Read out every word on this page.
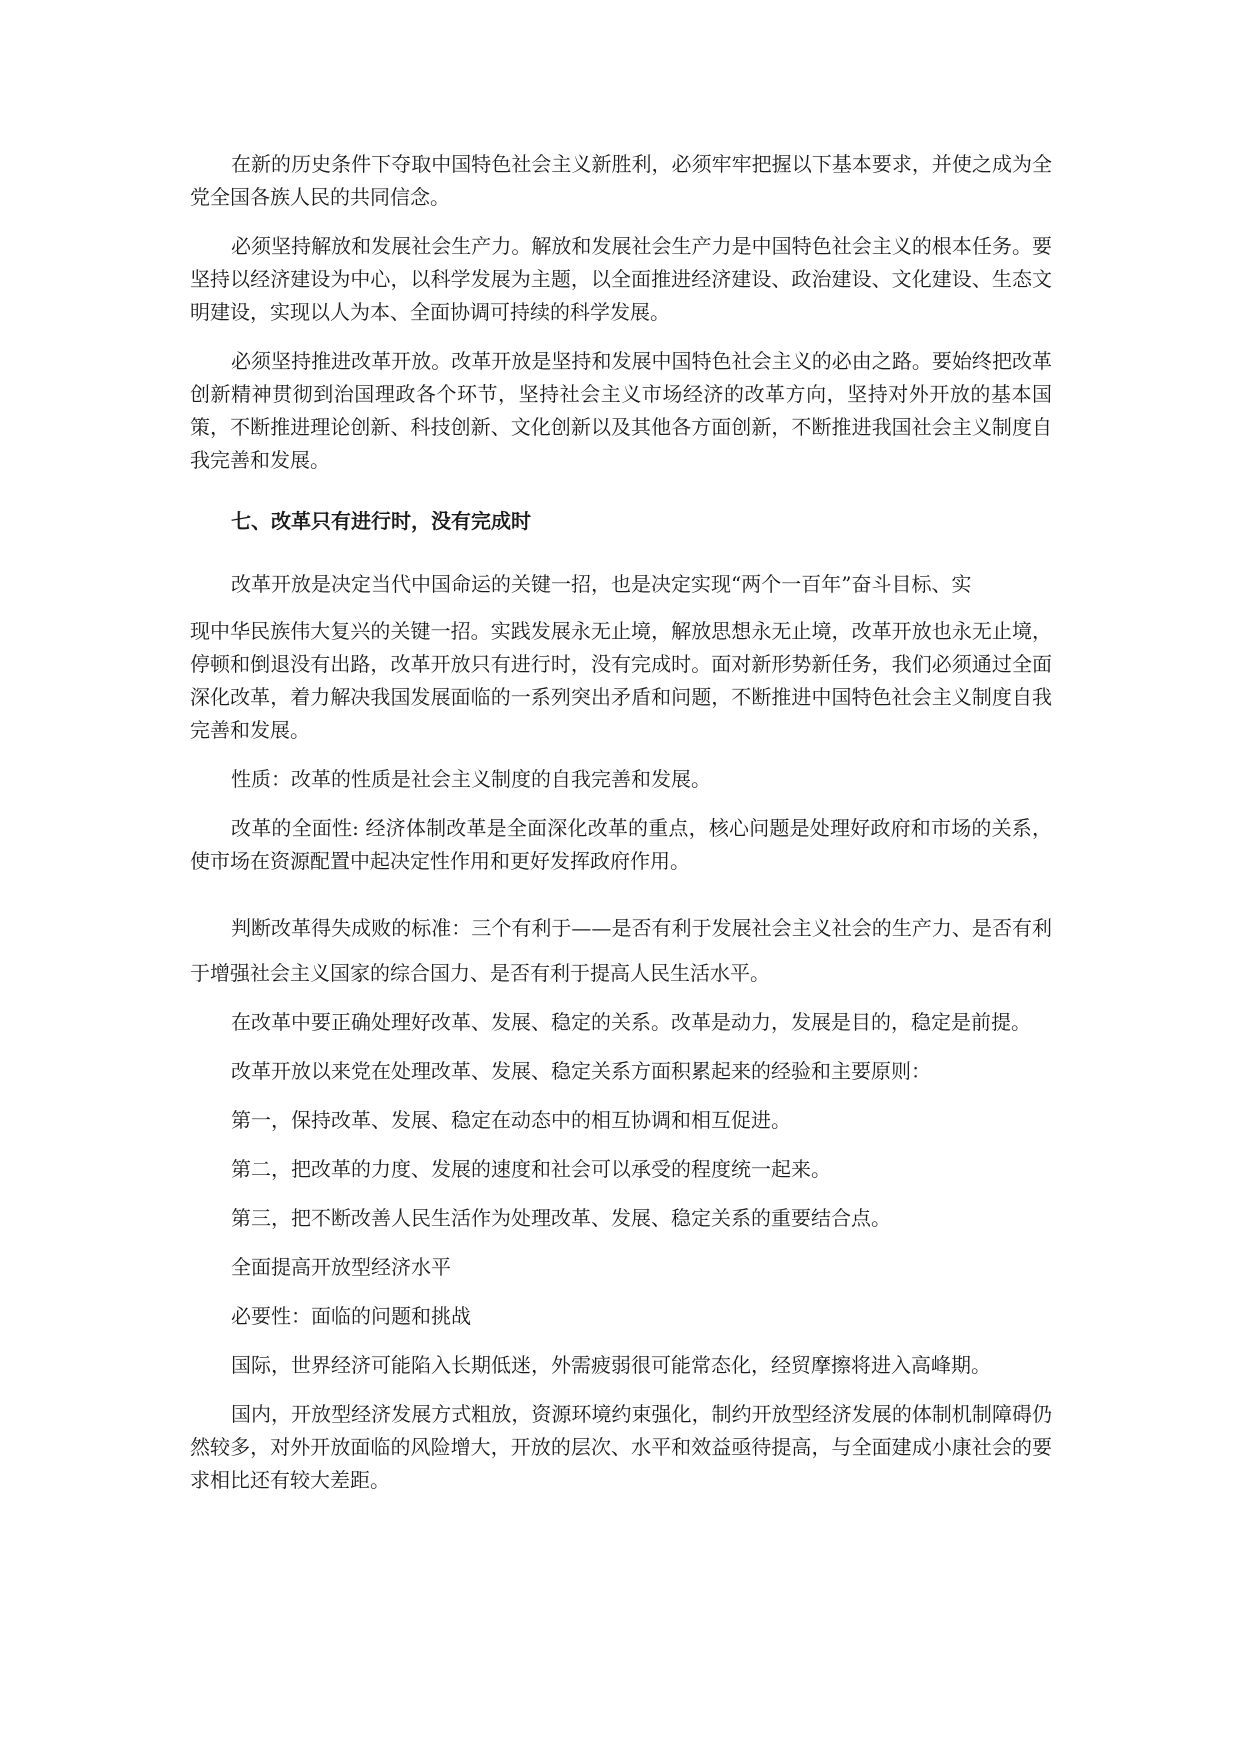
在新的历史条件下夺取中国特色社会主义新胜利，必须牢牢把握以下基本要求，并使之成为全党全国各族人民的共同信念。

必须坚持解放和发展社会生产力。解放和发展社会生产力是中国特色社会主义的根本任务。要坚持以经济建设为中心，以科学发展为主题，以全面推进经济建设、政治建设、文化建设、生态文明建设，实现以人为本、全面协调可持续的科学发展。

必须坚持推进改革开放。改革开放是坚持和发展中国特色社会主义的必由之路。要始终把改革创新精神贯彻到治国理政各个环节，坚持社会主义市场经济的改革方向，坚持对外开放的基本国策，不断推进理论创新、科技创新、文化创新以及其他各方面创新，不断推进我国社会主义制度自我完善和发展。

七、改革只有进行时，没有完成时

改革开放是决定当代中国命运的关键一招，也是决定实现“两个一百年”奋斗目标、实

现中华民族伟大复兴的关键一招。实践发展永无止境，解放思想永无止境，改革开放也永无止境，停顿和倒退没有出路，改革开放只有进行时，没有完成时。面对新形势新任务，我们必须通过全面深化改革，着力解决我国发展面临的一系列突出矛盾和问题，不断推进中国特色社会主义制度自我完善和发展。

性质：改革的性质是社会主义制度的自我完善和发展。

改革的全面性: 经济体制改革是全面深化改革的重点，核心问题是处理好政府和市场的关系，使市场在资源配置中起决定性作用和更好发挥政府作用。

判断改革得失成败的标准：三个有利于——是否有利于发展社会主义社会的生产力、是否有利于增强社会主义国家的综合国力、是否有利于提高人民生活水平。

在改革中要正确处理好改革、发展、稳定的关系。改革是动力，发展是目的，稳定是前提。

改革开放以来党在处理改革、发展、稳定关系方面积累起来的经验和主要原则：

第一，保持改革、发展、稳定在动态中的相互协调和相互促进。

第二，把改革的力度、发展的速度和社会可以承受的程度统一起来。

第三，把不断改善人民生活作为处理改革、发展、稳定关系的重要结合点。

全面提高开放型经济水平

必要性：面临的问题和挑战

国际，世界经济可能陷入长期低迷，外需疲弱很可能常态化，经贸摩擦将进入高峰期。

国内，开放型经济发展方式粗放，资源环境约束强化，制约开放型经济发展的体制机制障碍仍然较多，对外开放面临的风险增大，开放的层次、水平和效益亟待提高，与全面建成小康社会的要求相比还有较大差距。
